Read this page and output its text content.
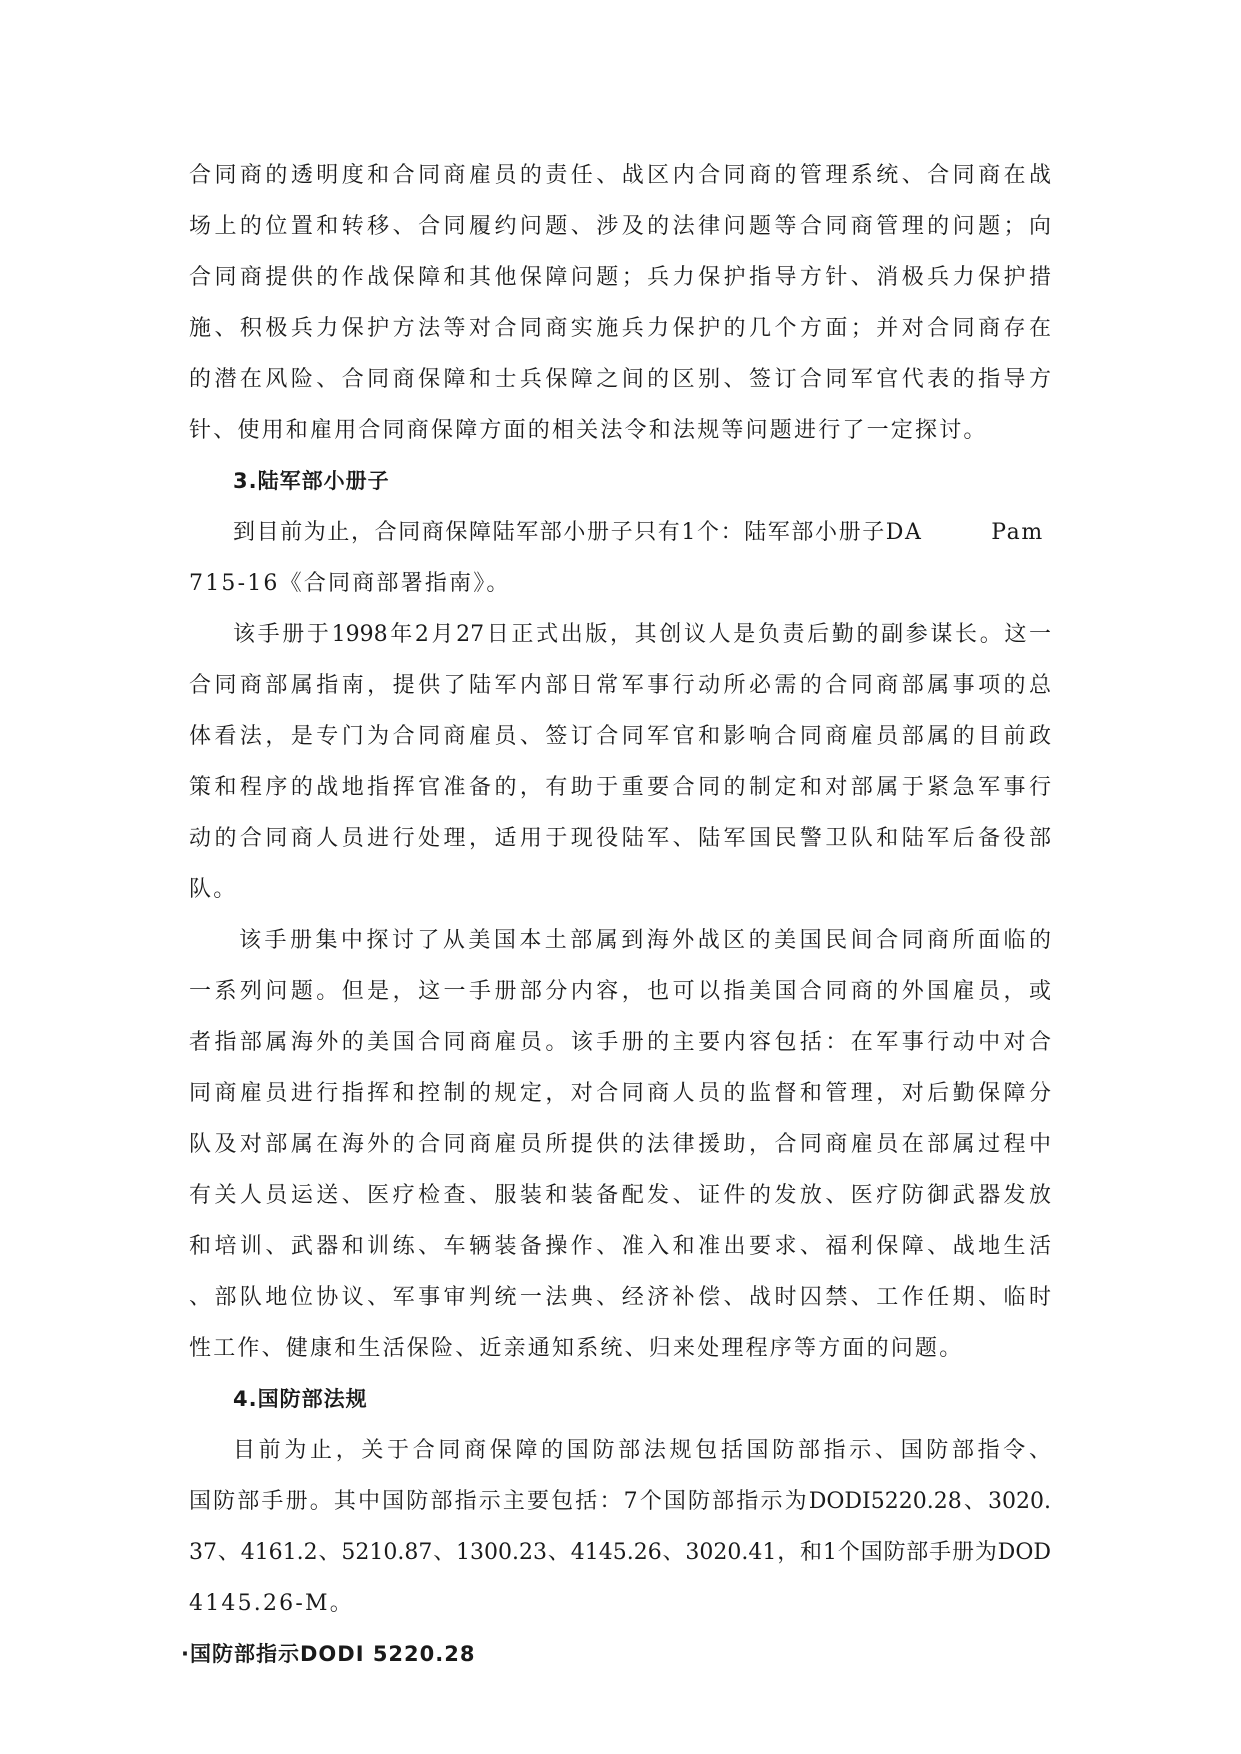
合同商的透明度和合同商雇员的责任、战区内合同商的管理系统、合同商在战
场上的位置和转移、合同履约问题、涉及的法律问题等合同商管理的问题；向
合同商提供的作战保障和其他保障问题；兵力保护指导方针、消极兵力保护措
施、积极兵力保护方法等对合同商实施兵力保护的几个方面；并对合同商存在
的潜在风险、合同商保障和士兵保障之间的区别、签订合同军官代表的指导方
针、使用和雇用合同商保障方面的相关法令和法规等问题进行了一定探讨。
3.陆军部小册子
到目前为止，合同商保障陆军部小册子只有1个：陆军部小册子DA        Pam
715-16《合同商部署指南》。
该手册于1998年2月27日正式出版，其创议人是负责后勤的副参谋长。这一
合同商部属指南，提供了陆军内部日常军事行动所必需的合同商部属事项的总
体看法，是专门为合同商雇员、签订合同军官和影响合同商雇员部属的目前政
策和程序的战地指挥官准备的，有助于重要合同的制定和对部属于紧急军事行
动的合同商人员进行处理，适用于现役陆军、陆军国民警卫队和陆军后备役部
队。
该手册集中探讨了从美国本土部属到海外战区的美国民间合同商所面临的
一系列问题。但是，这一手册部分内容，也可以指美国合同商的外国雇员，或
者指部属海外的美国合同商雇员。该手册的主要内容包括：在军事行动中对合
同商雇员进行指挥和控制的规定，对合同商人员的监督和管理，对后勤保障分
队及对部属在海外的合同商雇员所提供的法律援助，合同商雇员在部属过程中
有关人员运送、医疗检查、服装和装备配发、证件的发放、医疗防御武器发放
和培训、武器和训练、车辆装备操作、准入和准出要求、福利保障、战地生活
、部队地位协议、军事审判统一法典、经济补偿、战时囚禁、工作任期、临时
性工作、健康和生活保险、近亲通知系统、归来处理程序等方面的问题。
4.国防部法规
目前为止，关于合同商保障的国防部法规包括国防部指示、国防部指令、
国防部手册。其中国防部指示主要包括：7个国防部指示为DODI5220.28、3020.
37、4161.2、5210.87、1300.23、4145.26、3020.41，和1个国防部手册为DOD
4145.26-M。
·国防部指示DODI 5220.28
